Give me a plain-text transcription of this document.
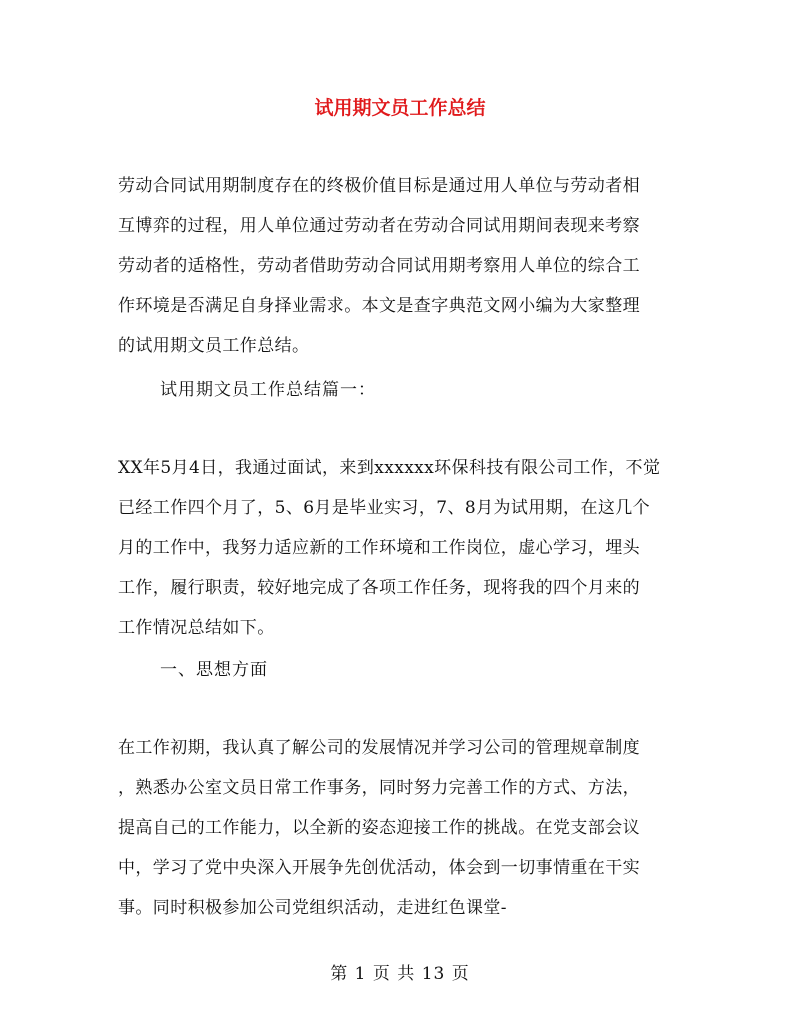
试用期文员工作总结
劳动合同试用期制度存在的终极价值目标是通过用人单位与劳动者相
互博弈的过程，用人单位通过劳动者在劳动合同试用期间表现来考察
劳动者的适格性，劳动者借助劳动合同试用期考察用人单位的综合工
作环境是否满足自身择业需求。本文是查字典范文网小编为大家整理
的试用期文员工作总结。
试用期文员工作总结篇一：
XX年5月4日，我通过面试，来到xxxxxx环保科技有限公司工作，不觉
已经工作四个月了，5、6月是毕业实习，7、8月为试用期，在这几个
月的工作中，我努力适应新的工作环境和工作岗位，虚心学习，埋头
工作，履行职责，较好地完成了各项工作任务，现将我的四个月来的
工作情况总结如下。
一、思想方面
在工作初期，我认真了解公司的发展情况并学习公司的管理规章制度
，熟悉办公室文员日常工作事务，同时努力完善工作的方式、方法，
提高自己的工作能力，以全新的姿态迎接工作的挑战。在党支部会议
中，学习了党中央深入开展争先创优活动，体会到一切事情重在干实
事。同时积极参加公司党组织活动，走进红色课堂-
第 1 页 共 13 页
